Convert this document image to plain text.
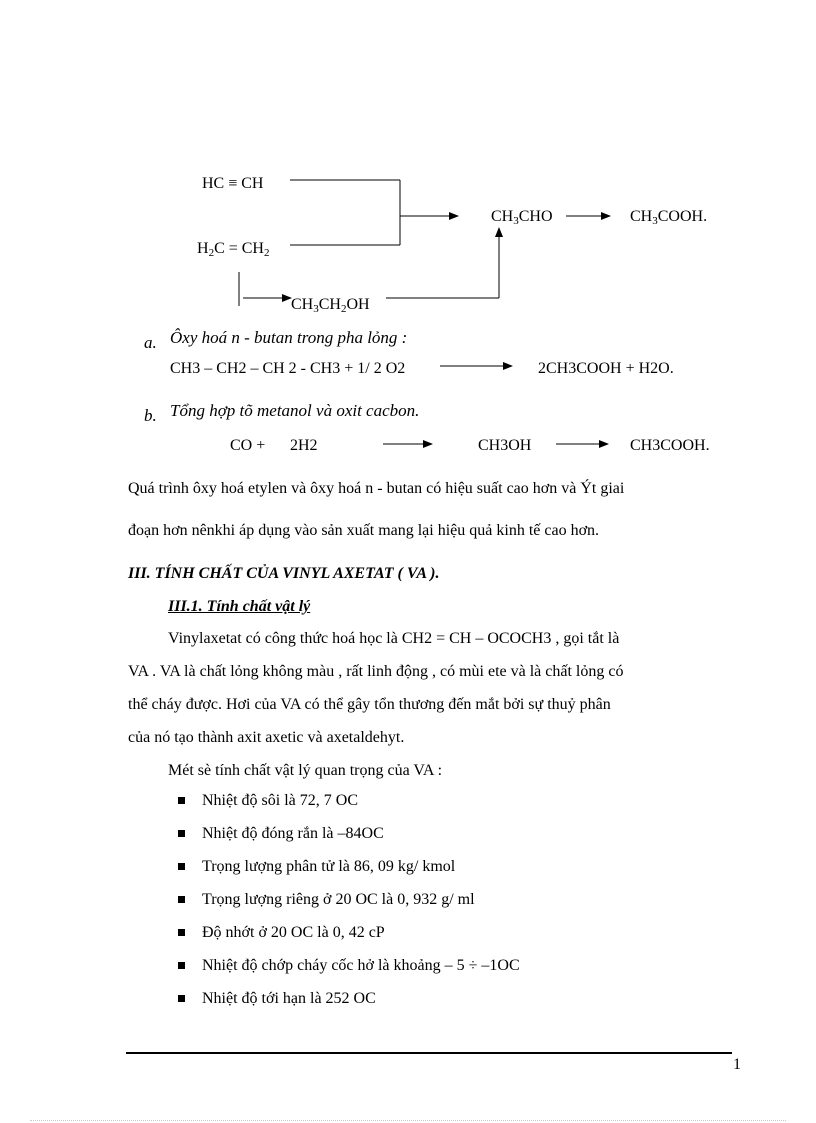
HC ≡ CH
$H_2C = CH_2$
$CH_3CH_2OH$
$CH_3CHO$	$CH_3COOH$.
a. Ôxy hoá n - butan trong pha lỏng :
CH3 – CH2 – CH 2 - CH3 + 1/ 2 O2	2CH3COOH + H2O.
b. Tổng hợp tõ metanol và oxit cacbon.
CO + 2H2	CH3OH	CH3COOH.
Quá trình ôxy hoá etylen và ôxy hoá n - butan có hiệu suất cao hơn và Ýt giai
đoạn hơn nênkhi áp dụng vào sản xuất mang lại hiệu quả kinh tế cao hơn.
III. TÍNH CHẤT CỦA VINYL AXETAT ( VA ).
III.1. Tính chất vật lý
Vinylaxetat có công thức hoá học là CH2 = CH – OCOCH3 , gọi tắt là
VA . VA là chất lỏng không màu , rất linh động , có mùi ete và là chất lỏng có
thể cháy được. Hơi của VA có thể gây tổn thương đến mắt bởi sự thuỷ phân
của nó tạo thành axit axetic và axetaldehyt.
Mét sè tính chất vật lý quan trọng của VA :
Nhiệt độ sôi là 72, 7 OC
Nhiệt độ đóng rắn là –84OC
Trọng lượng phân tử là 86, 09 kg/ kmol
Trọng lượng riêng ở 20 OC là 0, 932 g/ ml
Độ nhớt ở 20 OC là 0, 42 cP
Nhiệt độ chớp cháy cốc hở là khoảng – 5 ÷ –1OC
Nhiệt độ tới hạn là 252 OC
1
